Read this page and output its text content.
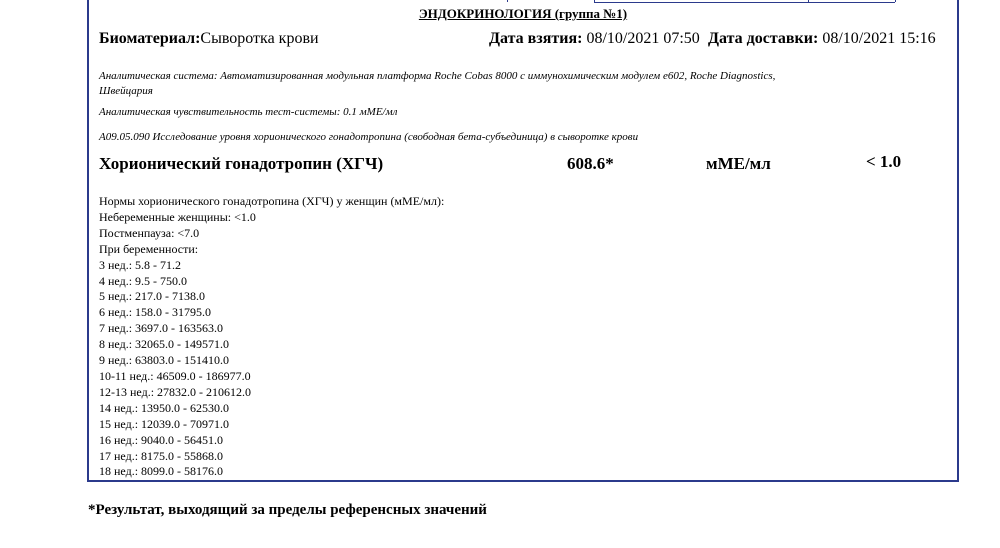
ЭНДОКРИНОЛОГИЯ (группа №1)
Биоматериал:Сыворотка крови	Дата взятия: 08/10/2021 07:50 Дата доставки: 08/10/2021 15:16
Аналитическая система: Автоматизированная модульная платформа Roche Cobas 8000 с иммунохимическим модулем е602, Roche Diagnostics,
Швейцария
Аналитическая чувствительность тест-системы: 0.1 мМЕ/мл
A09.05.090 Исследование уровня хорионического гонадотропина (свободная бета-субъединица) в сыворотке крови
Хорионический гонадотропин (ХГЧ)	608.6*	мМЕ/мл	< 1.0
Нормы хорионического гонадотропина (ХГЧ) у женщин (мМЕ/мл):
Небеременные женщины: <1.0
Постменпауза: <7.0
При беременности:
3 нед.: 5.8 - 71.2
4 нед.: 9.5 - 750.0
5 нед.: 217.0 - 7138.0
6 нед.: 158.0 - 31795.0
7 нед.: 3697.0 - 163563.0
8 нед.: 32065.0 - 149571.0
9 нед.: 63803.0 - 151410.0
10-11 нед.: 46509.0 - 186977.0
12-13 нед.: 27832.0 - 210612.0
14 нед.: 13950.0 - 62530.0
15 нед.: 12039.0 - 70971.0
16 нед.: 9040.0 - 56451.0
17 нед.: 8175.0 - 55868.0
18 нед.: 8099.0 - 58176.0
*Результат, выходящий за пределы референсных значений
